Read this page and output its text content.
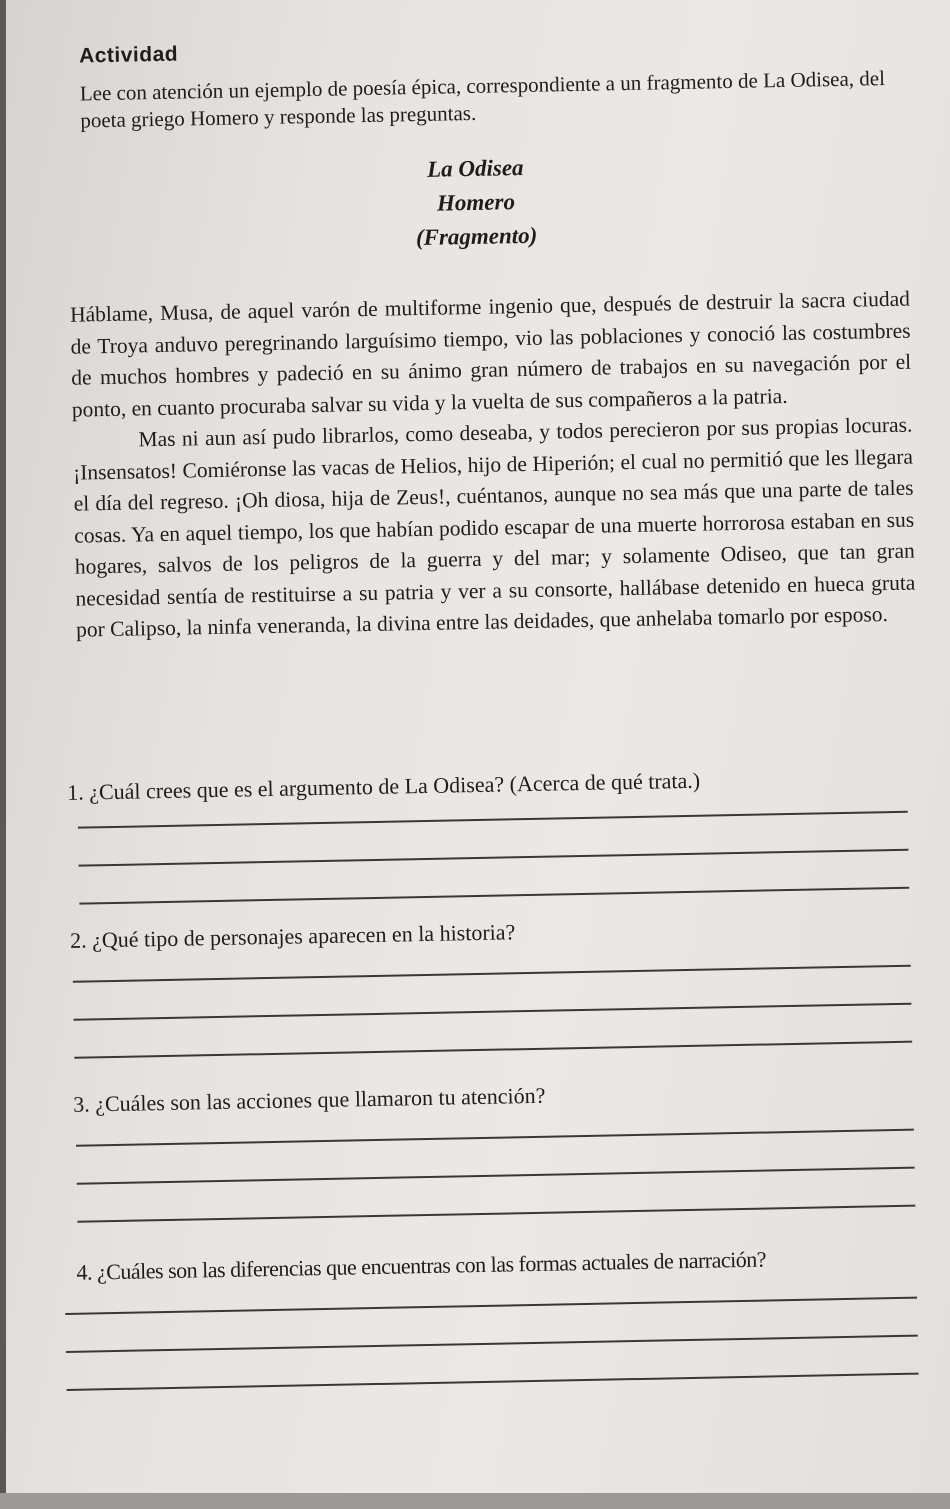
Actividad
Lee con atención un ejemplo de poesía épica, correspondiente a un fragmento de La Odisea, del poeta griego Homero y responde las preguntas.
La Odisea
Homero
(Fragmento)

Háblame, Musa, de aquel varón de multiforme ingenio que, después de destruir la sacra ciudad de Troya anduvo peregrinando larguísimo tiempo, vio las poblaciones y conoció las costumbres de muchos hombres y padeció en su ánimo gran número de trabajos en su navegación por el ponto, en cuanto procuraba salvar su vida y la vuelta de sus compañeros a la patria.

Mas ni aun así pudo librarlos, como deseaba, y todos perecieron por sus propias locuras. ¡Insensatos! Comiéronse las vacas de Helios, hijo de Hiperión; el cual no permitió que les llegara el día del regreso. ¡Oh diosa, hija de Zeus!, cuéntanos, aunque no sea más que una parte de tales cosas. Ya en aquel tiempo, los que habían podido escapar de una muerte horrorosa estaban en sus hogares, salvos de los peligros de la guerra y del mar; y solamente Odiseo, que tan gran necesidad sentía de restituirse a su patria y ver a su consorte, hallábase detenido en hueca gruta por Calipso, la ninfa veneranda, la divina entre las deidades, que anhelaba tomarlo por esposo.

1. ¿Cuál crees que es el argumento de La Odisea? (Acerca de qué trata.)
2. ¿Qué tipo de personajes aparecen en la historia?
3. ¿Cuáles son las acciones que llamaron tu atención?
4. ¿Cuáles son las diferencias que encuentras con las formas actuales de narración?
